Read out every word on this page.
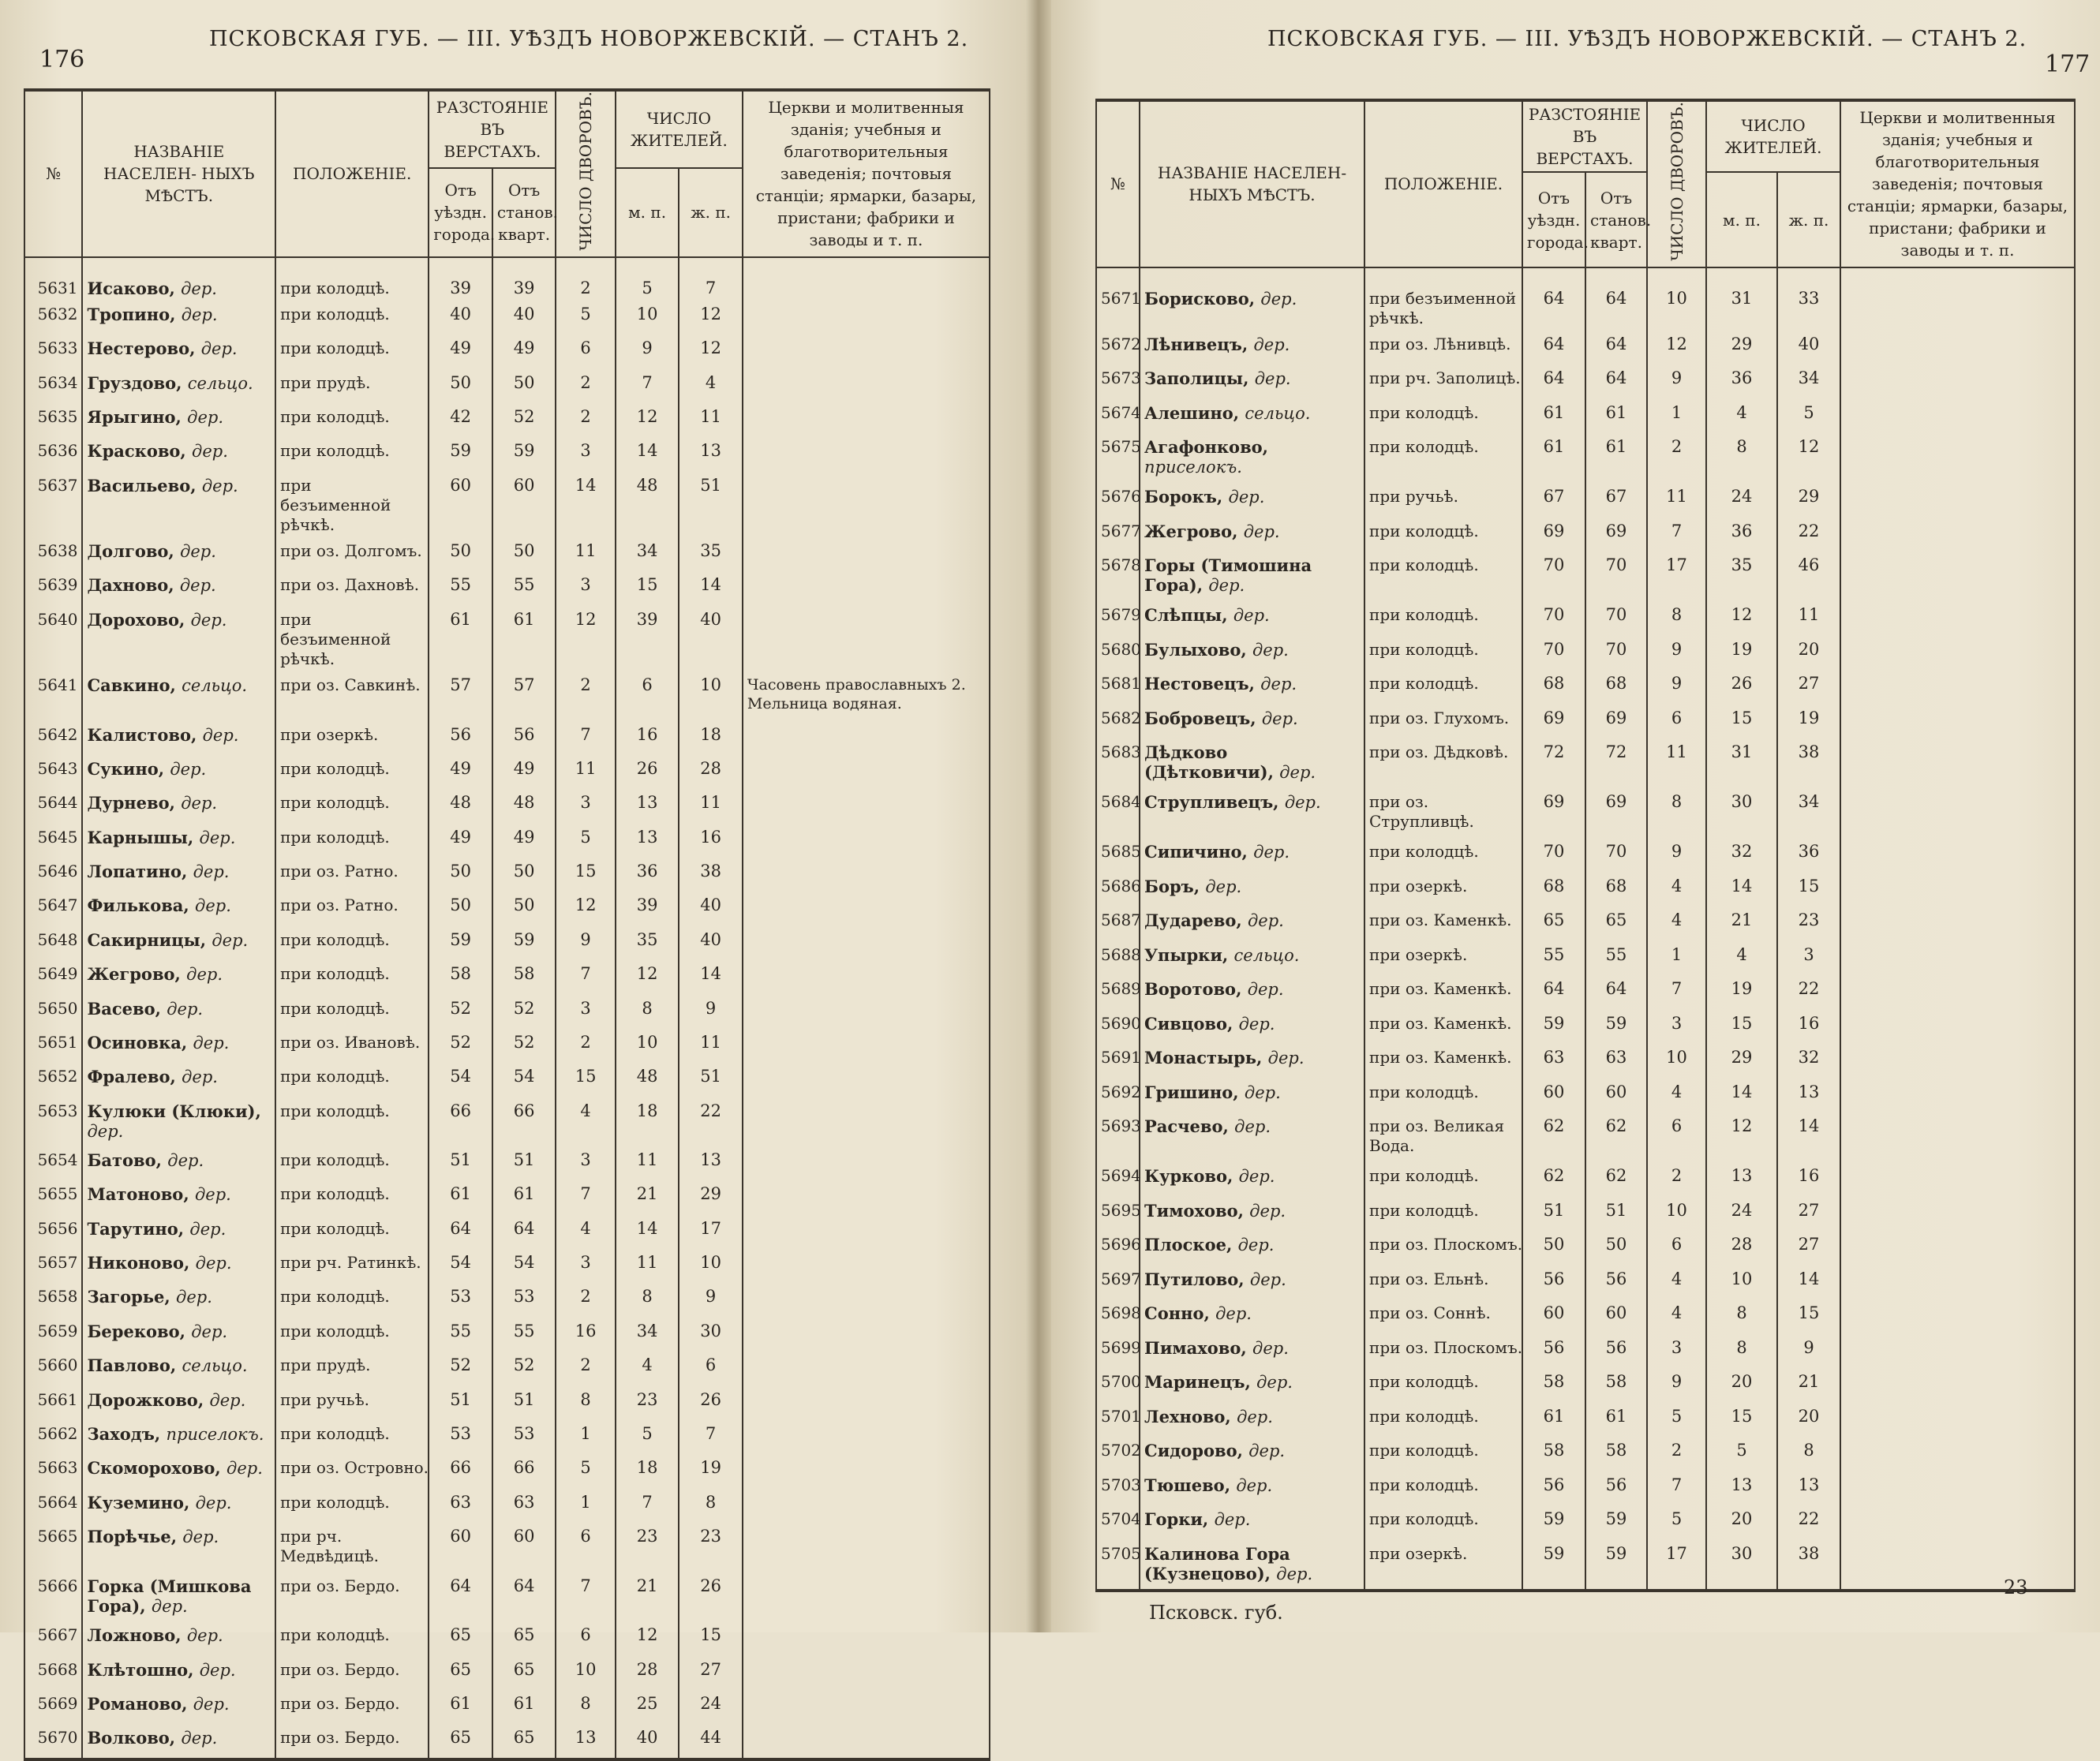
ПСКОВСКАЯ ГУБ. — III. УѢЗДЪ НОВОРЖЕВСКІЙ. — СТАНЪ 2.
176
№	НАЗВАНІЕ НАСЕЛЕН- НЫХЪ МѢСТЪ.	ПОЛОЖЕНІЕ.	РАЗСТОЯНІЕ ВЪ ВЕРСТАХЪ.		ЧИСЛО ДВОРОВЪ.	ЧИСЛО ЖИТЕЛЕЙ.		Церкви и молитвенныя зданія; учебныя и благотворительныя заведенія; почтовыя станціи; ярмарки, базары, пристани; фабрики и заводы и т. п.
			Отъ уѣздн. города.	Отъ станов. кварт.		м. п.	ж. п.	
5631	Исаково, дер.	при колодцѣ.	39	39	2	5	7	
5632	Тропино, дер.	при колодцѣ.	40	40	5	10	12	
5633	Нестерово, дер.	при колодцѣ.	49	49	6	9	12	
5634	Груздово, сельцо.	при прудѣ.	50	50	2	7	4	
5635	Ярыгино, дер.	при колодцѣ.	42	52	2	12	11	
5636	Красково, дер.	при колодцѣ.	59	59	3	14	13	
5637	Васильево, дер.	при безъименной рѣчкѣ.	60	60	14	48	51	
5638	Долгово, дер.	при оз. Долгомъ.	50	50	11	34	35	
5639	Дахново, дер.	при оз. Дахновѣ.	55	55	3	15	14	
5640	Дорохово, дер.	при безъименной рѣчкѣ.	61	61	12	39	40	
5641	Савкино, сельцо.	при оз. Савкинѣ.	57	57	2	6	10	Часовень православныхъ 2. Мельница водяная.
5642	Калистово, дер.	при озеркѣ.	56	56	7	16	18	
5643	Сукино, дер.	при колодцѣ.	49	49	11	26	28	
5644	Дурнево, дер.	при колодцѣ.	48	48	3	13	11	
5645	Карнышы, дер.	при колодцѣ.	49	49	5	13	16	
5646	Лопатино, дер.	при оз. Ратно.	50	50	15	36	38	
5647	Филькова, дер.	при оз. Ратно.	50	50	12	39	40	
5648	Сакирницы, дер.	при колодцѣ.	59	59	9	35	40	
5649	Жегрово, дер.	при колодцѣ.	58	58	7	12	14	
5650	Васево, дер.	при колодцѣ.	52	52	3	8	9	
5651	Осиновка, дер.	при оз. Ивановѣ.	52	52	2	10	11	
5652	Фралево, дер.	при колодцѣ.	54	54	15	48	51	
5653	Кулюки (Клюки), дер.	при колодцѣ.	66	66	4	18	22	
5654	Батово, дер.	при колодцѣ.	51	51	3	11	13	
5655	Матоново, дер.	при колодцѣ.	61	61	7	21	29	
5656	Тарутино, дер.	при колодцѣ.	64	64	4	14	17	
5657	Никоново, дер.	при рч. Ратинкѣ.	54	54	3	11	10	
5658	Загорье, дер.	при колодцѣ.	53	53	2	8	9	
5659	Береково, дер.	при колодцѣ.	55	55	16	34	30	
5660	Павлово, сельцо.	при прудѣ.	52	52	2	4	6	
5661	Дорожково, дер.	при ручьѣ.	51	51	8	23	26	
5662	Заходъ, приселокъ.	при колодцѣ.	53	53	1	5	7	
5663	Скоморохово, дер.	при оз. Островно.	66	66	5	18	19	
5664	Куземино, дер.	при колодцѣ.	63	63	1	7	8	
5665	Порѣчье, дер.	при рч. Медвѣдицѣ.	60	60	6	23	23	
5666	Горка (Мишкова Гора), дер.	при оз. Бердо.	64	64	7	21	26	
5667	Ложново, дер.	при колодцѣ.	65	65	6	12	15	
5668	Клѣтошно, дер.	при оз. Бердо.	65	65	10	28	27	
5669	Романово, дер.	при оз. Бердо.	61	61	8	25	24	
5670	Волково, дер.	при оз. Бердо.	65	65	13	40	44	
ПСКОВСКАЯ ГУБ. — III. УѢЗДЪ НОВОРЖЕВСКІЙ. — СТАНЪ 2.
177
№	НАЗВАНІЕ НАСЕЛЕН- НЫХЪ МѢСТЪ.	ПОЛОЖЕНІЕ.	РАЗСТОЯНІЕ ВЪ ВЕРСТАХЪ.		ЧИСЛО ДВОРОВЪ.	ЧИСЛО ЖИТЕЛЕЙ.		Церкви и молитвенныя зданія; учебныя и благотворительныя заведенія; почтовыя станціи; ярмарки, базары, пристани; фабрики и заводы и т. п.
			Отъ уѣздн. города.	Отъ станов. кварт.		м. п.	ж. п.	
5671	Борисково, дер.	при безъименной рѣчкѣ.	64	64	10	31	33	
5672	Лѣнивецъ, дер.	при оз. Лѣнивцѣ.	64	64	12	29	40	
5673	Заполицы, дер.	при рч. Заполицѣ.	64	64	9	36	34	
5674	Алешино, сельцо.	при колодцѣ.	61	61	1	4	5	
5675	Агафонково, приселокъ.	при колодцѣ.	61	61	2	8	12	
5676	Борокъ, дер.	при ручьѣ.	67	67	11	24	29	
5677	Жегрово, дер.	при колодцѣ.	69	69	7	36	22	
5678	Горы (Тимошина Гора), дер.	при колодцѣ.	70	70	17	35	46	
5679	Слѣпцы, дер.	при колодцѣ.	70	70	8	12	11	
5680	Булыхово, дер.	при колодцѣ.	70	70	9	19	20	
5681	Нестовецъ, дер.	при колодцѣ.	68	68	9	26	27	
5682	Бобровецъ, дер.	при оз. Глухомъ.	69	69	6	15	19	
5683	Дѣдково (Дѣтковичи), дер.	при оз. Дѣдковѣ.	72	72	11	31	38	
5684	Струпливецъ, дер.	при оз. Струпливцѣ.	69	69	8	30	34	
5685	Сипичино, дер.	при колодцѣ.	70	70	9	32	36	
5686	Боръ, дер.	при озеркѣ.	68	68	4	14	15	
5687	Дударево, дер.	при оз. Каменкѣ.	65	65	4	21	23	
5688	Упырки, сельцо.	при озеркѣ.	55	55	1	4	3	
5689	Воротово, дер.	при оз. Каменкѣ.	64	64	7	19	22	
5690	Сивцово, дер.	при оз. Каменкѣ.	59	59	3	15	16	
5691	Монастырь, дер.	при оз. Каменкѣ.	63	63	10	29	32	
5692	Гришино, дер.	при колодцѣ.	60	60	4	14	13	
5693	Расчево, дер.	при оз. Великая Вода.	62	62	6	12	14	
5694	Курково, дер.	при колодцѣ.	62	62	2	13	16	
5695	Тимохово, дер.	при колодцѣ.	51	51	10	24	27	
5696	Плоское, дер.	при оз. Плоскомъ.	50	50	6	28	27	
5697	Путилово, дер.	при оз. Ельнѣ.	56	56	4	10	14	
5698	Сонно, дер.	при оз. Соннѣ.	60	60	4	8	15	
5699	Пимахово, дер.	при оз. Плоскомъ.	56	56	3	8	9	
5700	Маринецъ, дер.	при колодцѣ.	58	58	9	20	21	
5701	Лехново, дер.	при колодцѣ.	61	61	5	15	20	
5702	Сидорово, дер.	при колодцѣ.	58	58	2	5	8	
5703	Тюшево, дер.	при колодцѣ.	56	56	7	13	13	
5704	Горки, дер.	при колодцѣ.	59	59	5	20	22	
5705	Калинова Гора (Кузнецово), дер.	при озеркѣ.	59	59	17	30	38	
Псковск. губ.
23
